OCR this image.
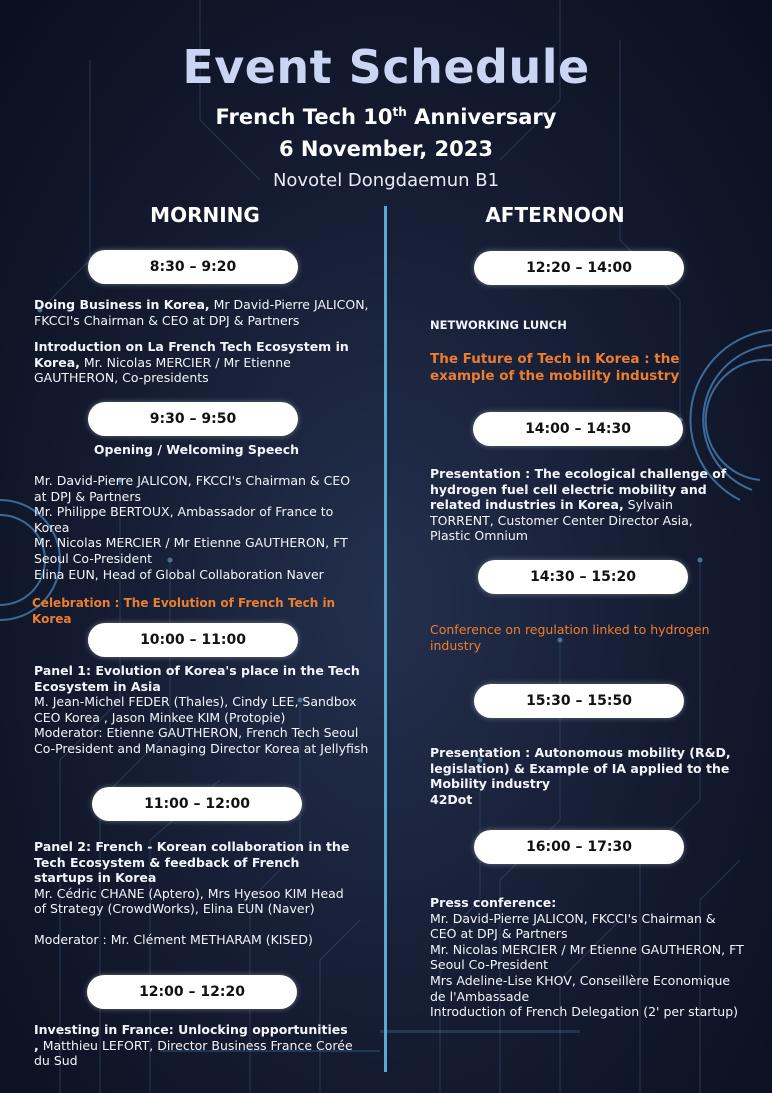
Event Schedule
French Tech 10th Anniversary
6 November, 2023
Novotel Dongdaemun B1
MORNING	AFTERNOON
8:30 – 9:20
Doing Business in Korea, Mr David-Pierre JALICON, FKCCI's Chairman & CEO at DPJ & Partners
Introduction on La French Tech Ecosystem in Korea, Mr. Nicolas MERCIER / Mr Etienne GAUTHERON, Co-presidents
9:30 – 9:50
Opening / Welcoming Speech
Mr. David-Pierre JALICON, FKCCI's Chairman & CEO at DPJ & Partners
Mr. Philippe BERTOUX, Ambassador of France to Korea
Mr. Nicolas MERCIER / Mr Etienne GAUTHERON, FT Seoul Co-President
Elina EUN, Head of Global Collaboration Naver
Celebration : The Evolution of French Tech in Korea
10:00 – 11:00
Panel 1: Evolution of Korea's place in the Tech Ecosystem in Asia
M. Jean-Michel FEDER (Thales), Cindy LEE, Sandbox CEO Korea , Jason Minkee KIM (Protopie)
Moderator: Etienne GAUTHERON, French Tech Seoul Co-President and Managing Director Korea at Jellyfish
11:00 – 12:00
Panel 2: French - Korean collaboration in the Tech Ecosystem & feedback of French startups in Korea
Mr. Cédric CHANE (Aptero), Mrs Hyesoo KIM Head of Strategy (CrowdWorks), Elina EUN (Naver)
Moderator : Mr. Clément METHARAM (KISED)
12:00 – 12:20
Investing in France: Unlocking opportunities , Matthieu LEFORT, Director Business France Corée du Sud
12:20 – 14:00
NETWORKING LUNCH
The Future of Tech in Korea : the example of the mobility industry
14:00 – 14:30
Presentation : The ecological challenge of hydrogen fuel cell electric mobility and related industries in Korea, Sylvain TORRENT, Customer Center Director Asia, Plastic Omnium
14:30 – 15:20
Conference on regulation linked to hydrogen industry
15:30 – 15:50
Presentation : Autonomous mobility (R&D, legislation) & Example of IA applied to the Mobility industry
42Dot
16:00 – 17:30
Press conference:
Mr. David-Pierre JALICON, FKCCI's Chairman & CEO at DPJ & Partners
Mr. Nicolas MERCIER / Mr Etienne GAUTHERON, FT Seoul Co-President
Mrs Adeline-Lise KHOV, Conseillère Economique de l'Ambassade
Introduction of French Delegation (2' per startup)
